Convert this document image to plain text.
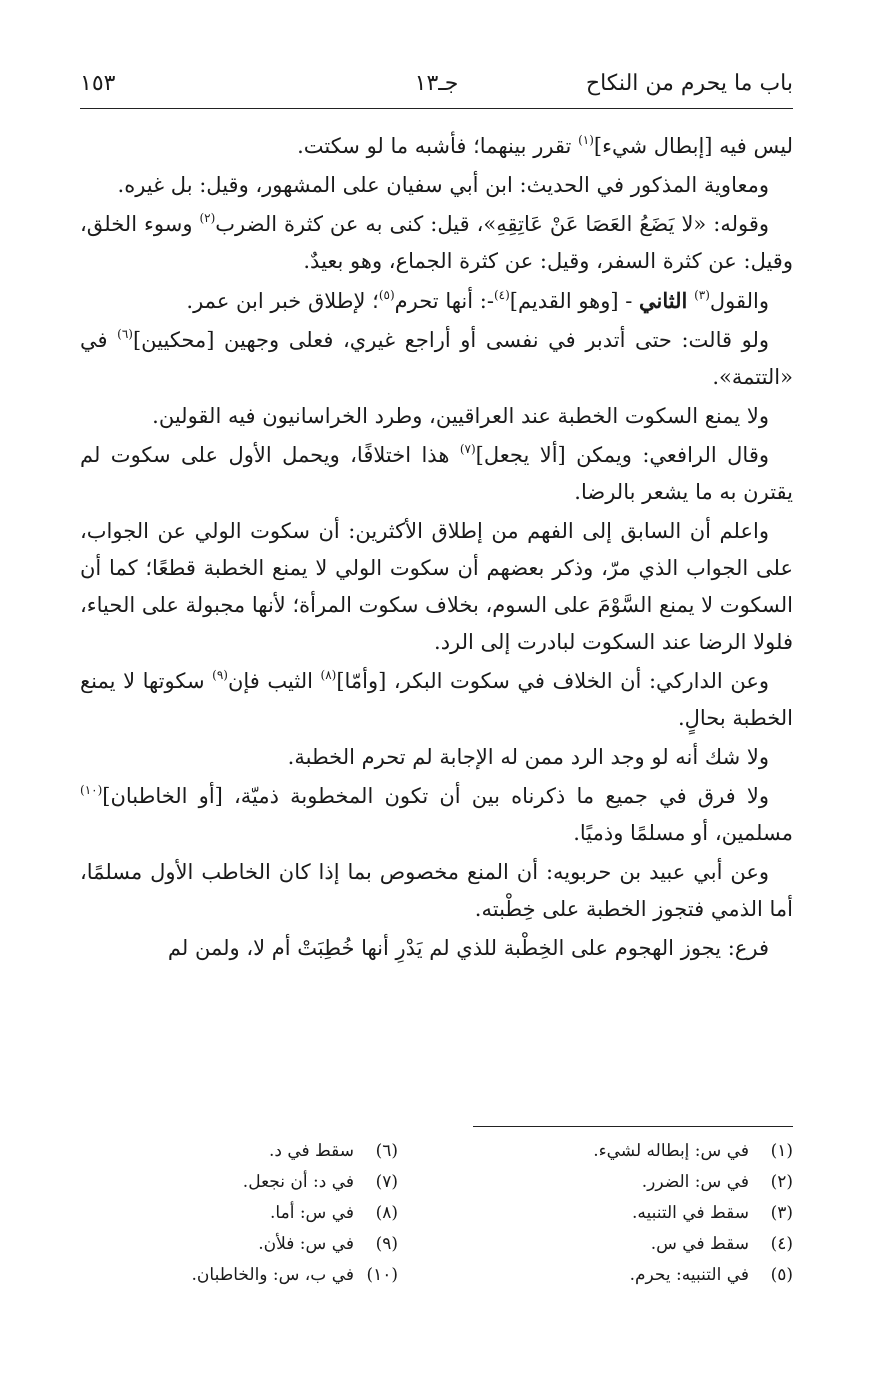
باب ما يحرم من النكاح
جـ١٣
١٥٣

ليس فيه [إبطال شيء]$^{(١)}$ تقرر بينهما؛ فأشبه ما لو سكتت.

ومعاوية المذكور في الحديث: ابن أبي سفيان على المشهور، وقيل: بل غيره.

وقوله: «لا يَضَعُ العَصَا عَنْ عَاتِقِهِ»، قيل: كنى به عن كثرة الضرب$^{(٢)}$ وسوء الخلق، وقيل: عن كثرة السفر، وقيل: عن كثرة الجماع، وهو بعيدٌ.

والقول$^{(٣)}$ الثاني - [وهو القديم]$^{(٤)}$-: أنها تحرم$^{(٥)}$؛ لإطلاق خبر ابن عمر.

ولو قالت: حتى أتدبر في نفسى أو أراجع غيري، فعلى وجهين [محكيين]$^{(٦)}$ في «التتمة».

ولا يمنع السكوت الخطبة عند العراقيين، وطرد الخراسانيون فيه القولين.

وقال الرافعي: ويمكن [ألا يجعل]$^{(٧)}$ هذا اختلافًا، ويحمل الأول على سكوت لم يقترن به ما يشعر بالرضا.

واعلم أن السابق إلى الفهم من إطلاق الأكثرين: أن سكوت الولي عن الجواب، على الجواب الذي مرّ، وذكر بعضهم أن سكوت الولي لا يمنع الخطبة قطعًا؛ كما أن السكوت لا يمنع السَّوْمَ على السوم، بخلاف سكوت المرأة؛ لأنها مجبولة على الحياء، فلولا الرضا عند السكوت لبادرت إلى الرد.

وعن الداركي: أن الخلاف في سكوت البكر، [وأمّا]$^{(٨)}$ الثيب فإن$^{(٩)}$ سكوتها لا يمنع الخطبة بحالٍ.

ولا شك أنه لو وجد الرد ممن له الإجابة لم تحرم الخطبة.

ولا فرق في جميع ما ذكرناه بين أن تكون المخطوبة ذميّة، [أو الخاطبان]$^{(١٠)}$ مسلمين، أو مسلمًا وذميًا.

وعن أبي عبيد بن حربويه: أن المنع مخصوص بما إذا كان الخاطب الأول مسلمًا، أما الذمي فتجوز الخطبة على خِطْبته.

فرع: يجوز الهجوم على الخِطْبة للذي لم يَدْرِ أنها خُطِبَتْ أم لا، ولمن لم

(١)في س: إبطاله لشيء.
(٢)في س: الضرر.
(٣)سقط في التنبيه.
(٤)سقط في س.
(٥)في التنبيه: يحرم.
(٦)سقط في د.
(٧)في د: أن نجعل.
(٨)في س: أما.
(٩)في س: فلأن.
(١٠)في ب، س: والخاطبان.
